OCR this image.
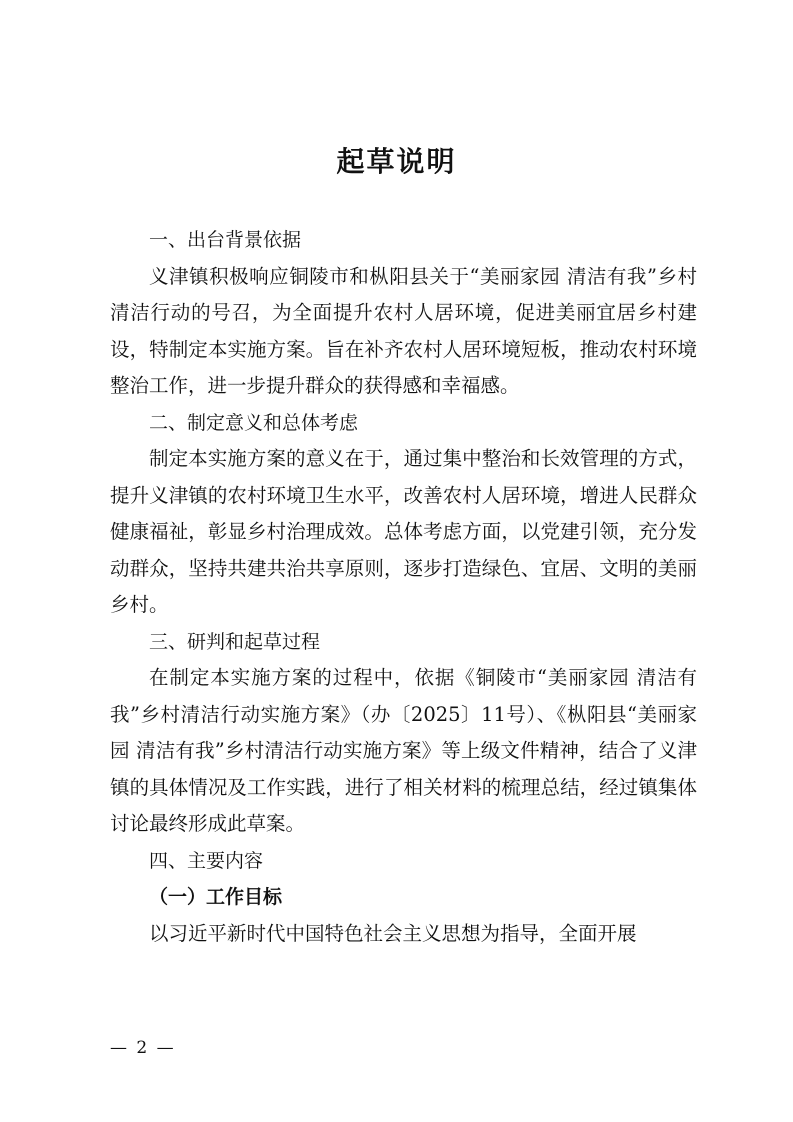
起草说明

一、出台背景依据

义津镇积极响应铜陵市和枞阳县关于“美丽家园 清洁有我”乡村清洁行动的号召，为全面提升农村人居环境，促进美丽宜居乡村建设，特制定本实施方案。旨在补齐农村人居环境短板，推动农村环境整治工作，进一步提升群众的获得感和幸福感。

二、制定意义和总体考虑

制定本实施方案的意义在于，通过集中整治和长效管理的方式，提升义津镇的农村环境卫生水平，改善农村人居环境，增进人民群众健康福祉，彰显乡村治理成效。总体考虑方面，以党建引领，充分发动群众，坚持共建共治共享原则，逐步打造绿色、宜居、文明的美丽乡村。

三、研判和起草过程

在制定本实施方案的过程中，依据《铜陵市“美丽家园 清洁有我”乡村清洁行动实施方案》（办〔2025〕11号）、《枞阳县“美丽家园 清洁有我”乡村清洁行动实施方案》等上级文件精神，结合了义津镇的具体情况及工作实践，进行了相关材料的梳理总结，经过镇集体讨论最终形成此草案。

四、主要内容

（一）工作目标

以习近平新时代中国特色社会主义思想为指导，全面开展

— 2 —
